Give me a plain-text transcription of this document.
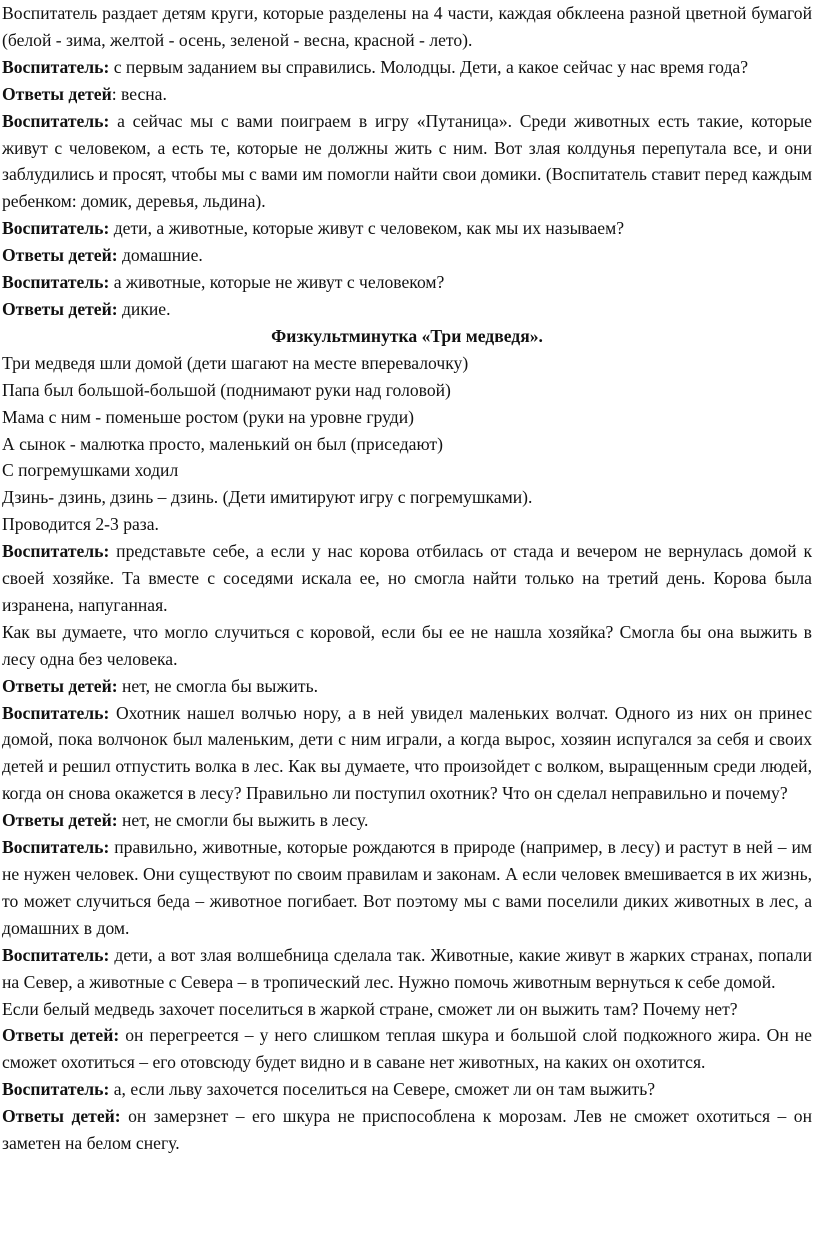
Воспитатель раздает детям круги, которые разделены на 4 части, каждая обклеена разной цветной бумагой (белой - зима, желтой - осень, зеленой - весна, красной - лето).

Воспитатель: с первым заданием вы справились. Молодцы. Дети, а какое сейчас у нас время года?

Ответы детей: весна.

Воспитатель: а сейчас мы с вами поиграем в игру «Путаница». Среди животных есть такие, которые живут с человеком, а есть те, которые не должны жить с ним. Вот злая колдунья перепутала все, и они заблудились и просят, чтобы мы с вами им помогли найти свои домики. (Воспитатель ставит перед каждым ребенком: домик, деревья, льдина).

Воспитатель: дети, а животные, которые живут с человеком, как мы их называем?

Ответы детей: домашние.

Воспитатель: а животные, которые не живут с человеком?

Ответы детей: дикие.

Физкультминутка «Три медведя».

Три медведя шли домой (дети шагают на месте вперевалочку)

Папа был большой-большой (поднимают руки над головой)

Мама с ним - поменьше ростом (руки на уровне груди)

А сынок - малютка просто, маленький он был (приседают)

С погремушками ходил

Дзинь- дзинь, дзинь – дзинь. (Дети имитируют игру с погремушками).

Проводится 2-3 раза.

Воспитатель: представьте себе, а если у нас корова отбилась от стада и вечером не вернулась домой к своей хозяйке. Та вместе с соседями искала ее, но смогла найти только на третий день. Корова была изранена, напуганная.

Как вы думаете, что могло случиться с коровой, если бы ее не нашла хозяйка? Смогла бы она выжить в лесу одна без человека.

Ответы детей: нет, не смогла бы выжить.

Воспитатель: Охотник нашел волчью нору, а в ней увидел маленьких волчат. Одного из них он принес домой, пока волчонок был маленьким, дети с ним играли, а когда вырос, хозяин испугался за себя и своих детей и решил отпустить волка в лес. Как вы думаете, что произойдет с волком, выращенным среди людей, когда он снова окажется в лесу? Правильно ли поступил охотник? Что он сделал неправильно и почему?

Ответы детей: нет, не смогли бы выжить в лесу.

Воспитатель: правильно, животные, которые рождаются в природе (например, в лесу) и растут в ней – им не нужен человек. Они существуют по своим правилам и законам. А если человек вмешивается в их жизнь, то может случиться беда – животное погибает. Вот поэтому мы с вами поселили диких животных в лес, а домашних в дом.

Воспитатель: дети, а вот злая волшебница сделала так. Животные, какие живут в жарких странах, попали на Север, а животные с Севера – в тропический лес. Нужно помочь животным вернуться к себе домой.

Если белый медведь захочет поселиться в жаркой стране, сможет ли он выжить там? Почему нет?

Ответы детей: он перегреется – у него слишком теплая шкура и большой слой подкожного жира. Он не сможет охотиться – его отовсюду будет видно и в саване нет животных, на каких он охотится.

Воспитатель: а, если льву захочется поселиться на Севере, сможет ли он там выжить?

Ответы детей: он замерзнет – его шкура не приспособлена к морозам. Лев не сможет охотиться – он заметен на белом снегу.
